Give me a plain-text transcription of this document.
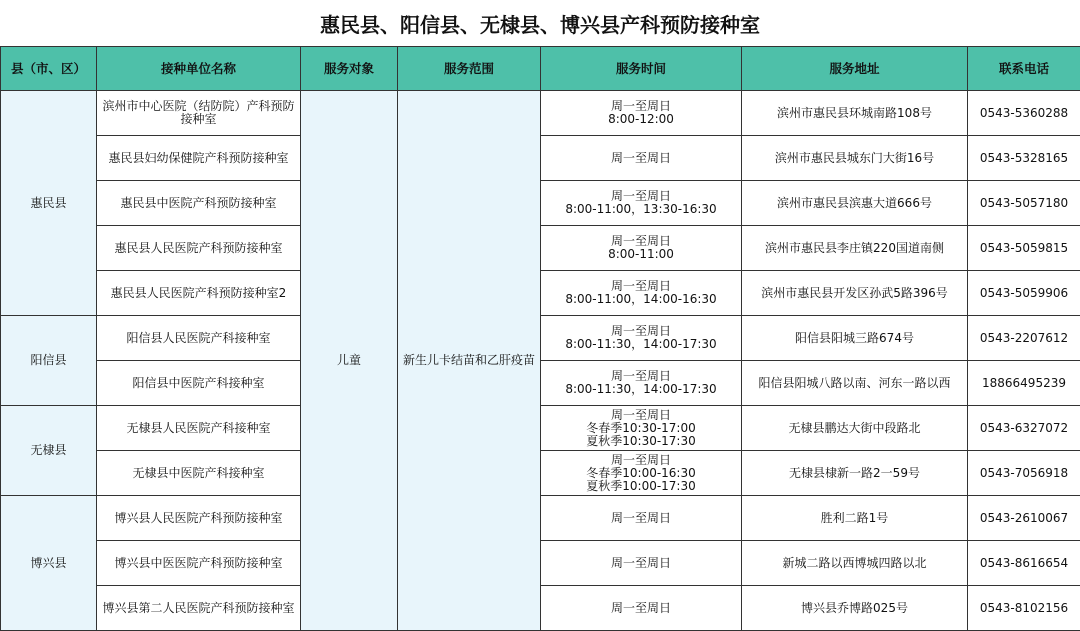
惠民县、阳信县、无棣县、博兴县产科预防接种室
县（市、区）	接种单位名称	服务对象	服务范围	服务时间	服务地址	联系电话
惠民县	滨州市中心医院（结防院）产科预防接种室	儿童	新生儿卡结苗和乙肝疫苗	周一至周日
8:00-12:00	滨州市惠民县环城南路108号	0543-5360288
	惠民县妇幼保健院产科预防接种室			周一至周日	滨州市惠民县城东门大街16号	0543-5328165
	惠民县中医院产科预防接种室			周一至周日
8:00-11:00，13:30-16:30	滨州市惠民县滨惠大道666号	0543-5057180
	惠民县人民医院产科预防接种室			周一至周日
8:00-11:00	滨州市惠民县李庄镇220国道南侧	0543-5059815
	惠民县人民医院产科预防接种室2			周一至周日
8:00-11:00，14:00-16:30	滨州市惠民县开发区孙武5路396号	0543-5059906
阳信县	阳信县人民医院产科接种室			周一至周日
8:00-11:30，14:00-17:30	阳信县阳城三路674号	0543-2207612
	阳信县中医院产科接种室			周一至周日
8:00-11:30，14:00-17:30	阳信县阳城八路以南、河东一路以西	18866495239
无棣县	无棣县人民医院产科接种室			周一至周日
冬春季10:30-17:00
夏秋季10:30-17:30	无棣县鹏达大街中段路北	0543-6327072
	无棣县中医院产科接种室			周一至周日
冬春季10:00-16:30
夏秋季10:00-17:30	无棣县棣新一路2一59号	0543-7056918
博兴县	博兴县人民医院产科预防接种室			周一至周日	胜利二路1号	0543-2610067
	博兴县中医医院产科预防接种室			周一至周日	新城二路以西博城四路以北	0543-8616654
	博兴县第二人民医院产科预防接种室			周一至周日	博兴县乔博路025号	0543-8102156
